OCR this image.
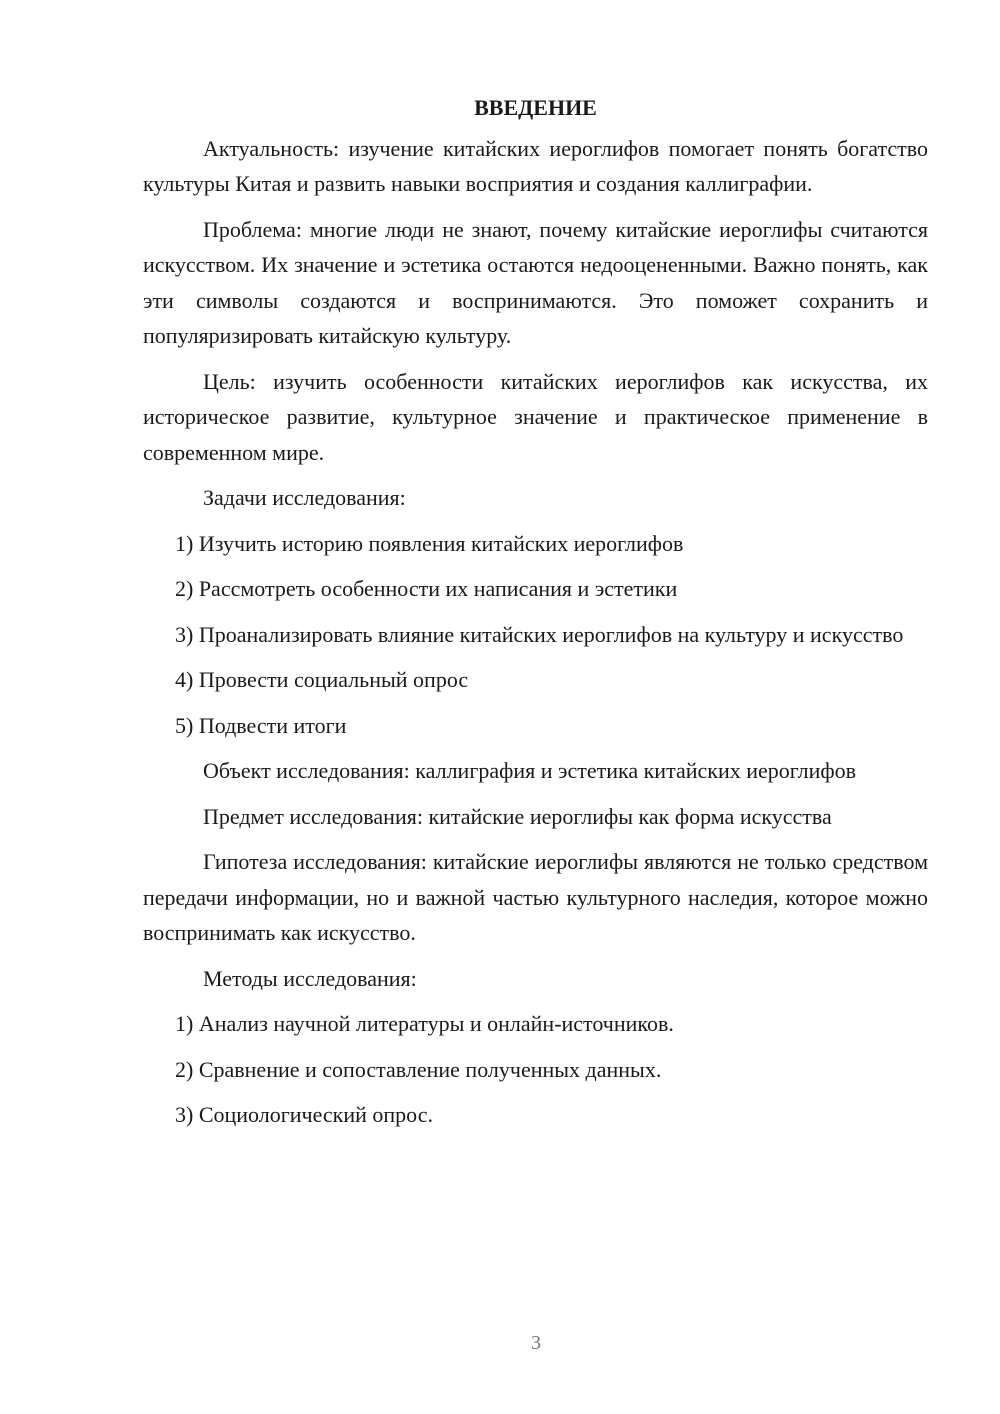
ВВЕДЕНИЕ

Актуальность: изучение китайских иероглифов помогает понять богатство культуры Китая и развить навыки восприятия и создания каллиграфии.

Проблема: многие люди не знают, почему китайские иероглифы считаются искусством. Их значение и эстетика остаются недооцененными. Важно понять, как эти символы создаются и воспринимаются. Это поможет сохранить и популяризировать китайскую культуру.

Цель: изучить особенности китайских иероглифов как искусства, их историческое развитие, культурное значение и практическое применение в современном мире.

Задачи исследования:

1) Изучить историю появления китайских иероглифов

2) Рассмотреть особенности их написания и эстетики

3) Проанализировать влияние китайских иероглифов на культуру и искусство

4) Провести социальный опрос

5) Подвести итоги

Объект исследования: каллиграфия и эстетика китайских иероглифов

Предмет исследования: китайские иероглифы как форма искусства

Гипотеза исследования: китайские иероглифы являются не только средством передачи информации, но и важной частью культурного наследия, которое можно воспринимать как искусство.

Методы исследования:

1) Анализ научной литературы и онлайн-источников.

2) Сравнение и сопоставление полученных данных.

3) Социологический опрос.

3
